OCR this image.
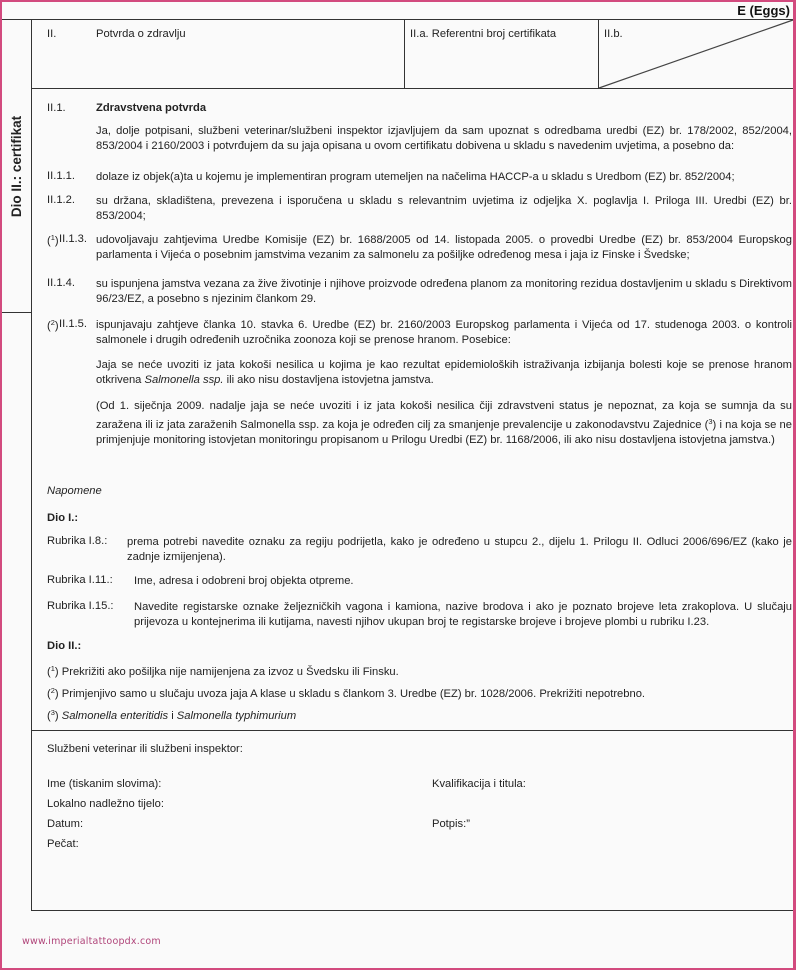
E (Eggs)
Dio II.: certifikat
II.	Potvrda o zdravlju	II.a. Referentni broj certifikata	II.b.
II.1.	Zdravstvena potvrda

Ja, dolje potpisani, službeni veterinar/službeni inspektor izjavljujem da sam upoznat s odredbama uredbi (EZ) br. 178/2002, 852/2004, 853/2004 i 2160/2003 i potvrđujem da su jaja opisana u ovom certifikatu dobivena u skladu s navedenim uvjetima, a posebno da:

II.1.1. dolaze iz objek(a)ta u kojemu je implementiran program utemeljen na načelima HACCP-a u skladu s Uredbom (EZ) br. 852/2004;

II.1.2. su držana, skladištena, prevezena i isporučena u skladu s relevantnim uvjetima iz odjeljka X. poglavlja I. Priloga III. Uredbi (EZ) br. 853/2004;

($^1$) II.1.3. udovoljavaju zahtjevima Uredbe Komisije (EZ) br. 1688/2005 od 14. listopada 2005. o provedbi Uredbe (EZ) br. 853/2004 Europskog parlamenta i Vijeća o posebnim jamstvima vezanim za salmonelu za pošiljke određenog mesa i jaja iz Finske i Švedske;

II.1.4. su ispunjena jamstva vezana za žive životinje i njihove proizvode određena planom za monitoring rezidua dostavljenim u skladu s Direktivom 96/23/EZ, a posebno s njezinim člankom 29.

($^2$) II.1.5. ispunjavaju zahtjeve članka 10. stavka 6. Uredbe (EZ) br. 2160/2003 Europskog parlamenta i Vijeća od 17. studenoga 2003. o kontroli salmonele i drugih određenih uzročnika zoonoza koji se prenose hranom. Posebice:

Jaja se neće uvoziti iz jata kokoši nesilica u kojima je kao rezultat epidemioloških istraživanja izbijanja bolesti koje se prenose hranom otkrivena Salmonella ssp. ili ako nisu dostavljena istovjetna jamstva.

(Od 1. siječnja 2009. nadalje jaja se neće uvoziti i iz jata kokoši nesilica čiji zdravstveni status je nepoznat, za koja se sumnja da su zaražena ili iz jata zaraženih Salmonella ssp. za koja je određen cilj za smanjenje prevalencije u zakonodavstvu Zajednice ($^3$) i na koja se ne primjenjuje monitoring istovjetan monitoringu propisanom u Prilogu Uredbi (EZ) br. 1168/2006, ili ako nisu dostavljena istovjetna jamstva.)

Napomene
Dio I.:
Rubrika I.8.: prema potrebi navedite oznaku za regiju podrijetla, kako je određeno u stupcu 2., dijelu 1. Prilogu II. Odluci 2006/696/EZ (kako je zadnje izmijenjena).

Rubrika I.11.: Ime, adresa i odobreni broj objekta otpreme.

Rubrika I.15.: Navedite registarske oznake željezničkih vagona i kamiona, nazive brodova i ako je poznato brojeve leta zrakoplova. U slučaju prijevoza u kontejnerima ili kutijama, navesti njihov ukupan broj te registarske brojeve i brojeve plombi u rubriku I.23.

Dio II.:
($^1$) Prekrižiti ako pošiljka nije namijenjena za izvoz u Švedsku ili Finsku.
($^2$) Primjenjivo samo u slučaju uvoza jaja A klase u skladu s člankom 3. Uredbe (EZ) br. 1028/2006. Prekrižiti nepotrebno.
($^3$) Salmonella enteritidis i Salmonella typhimurium
Službeni veterinar ili službeni inspektor:
Ime (tiskanim slovima):	Kvalifikacija i titula:
Lokalno nadležno tijelo:
Datum:	Potpis:”
Pečat:
www.imperialtattoopdx.com
